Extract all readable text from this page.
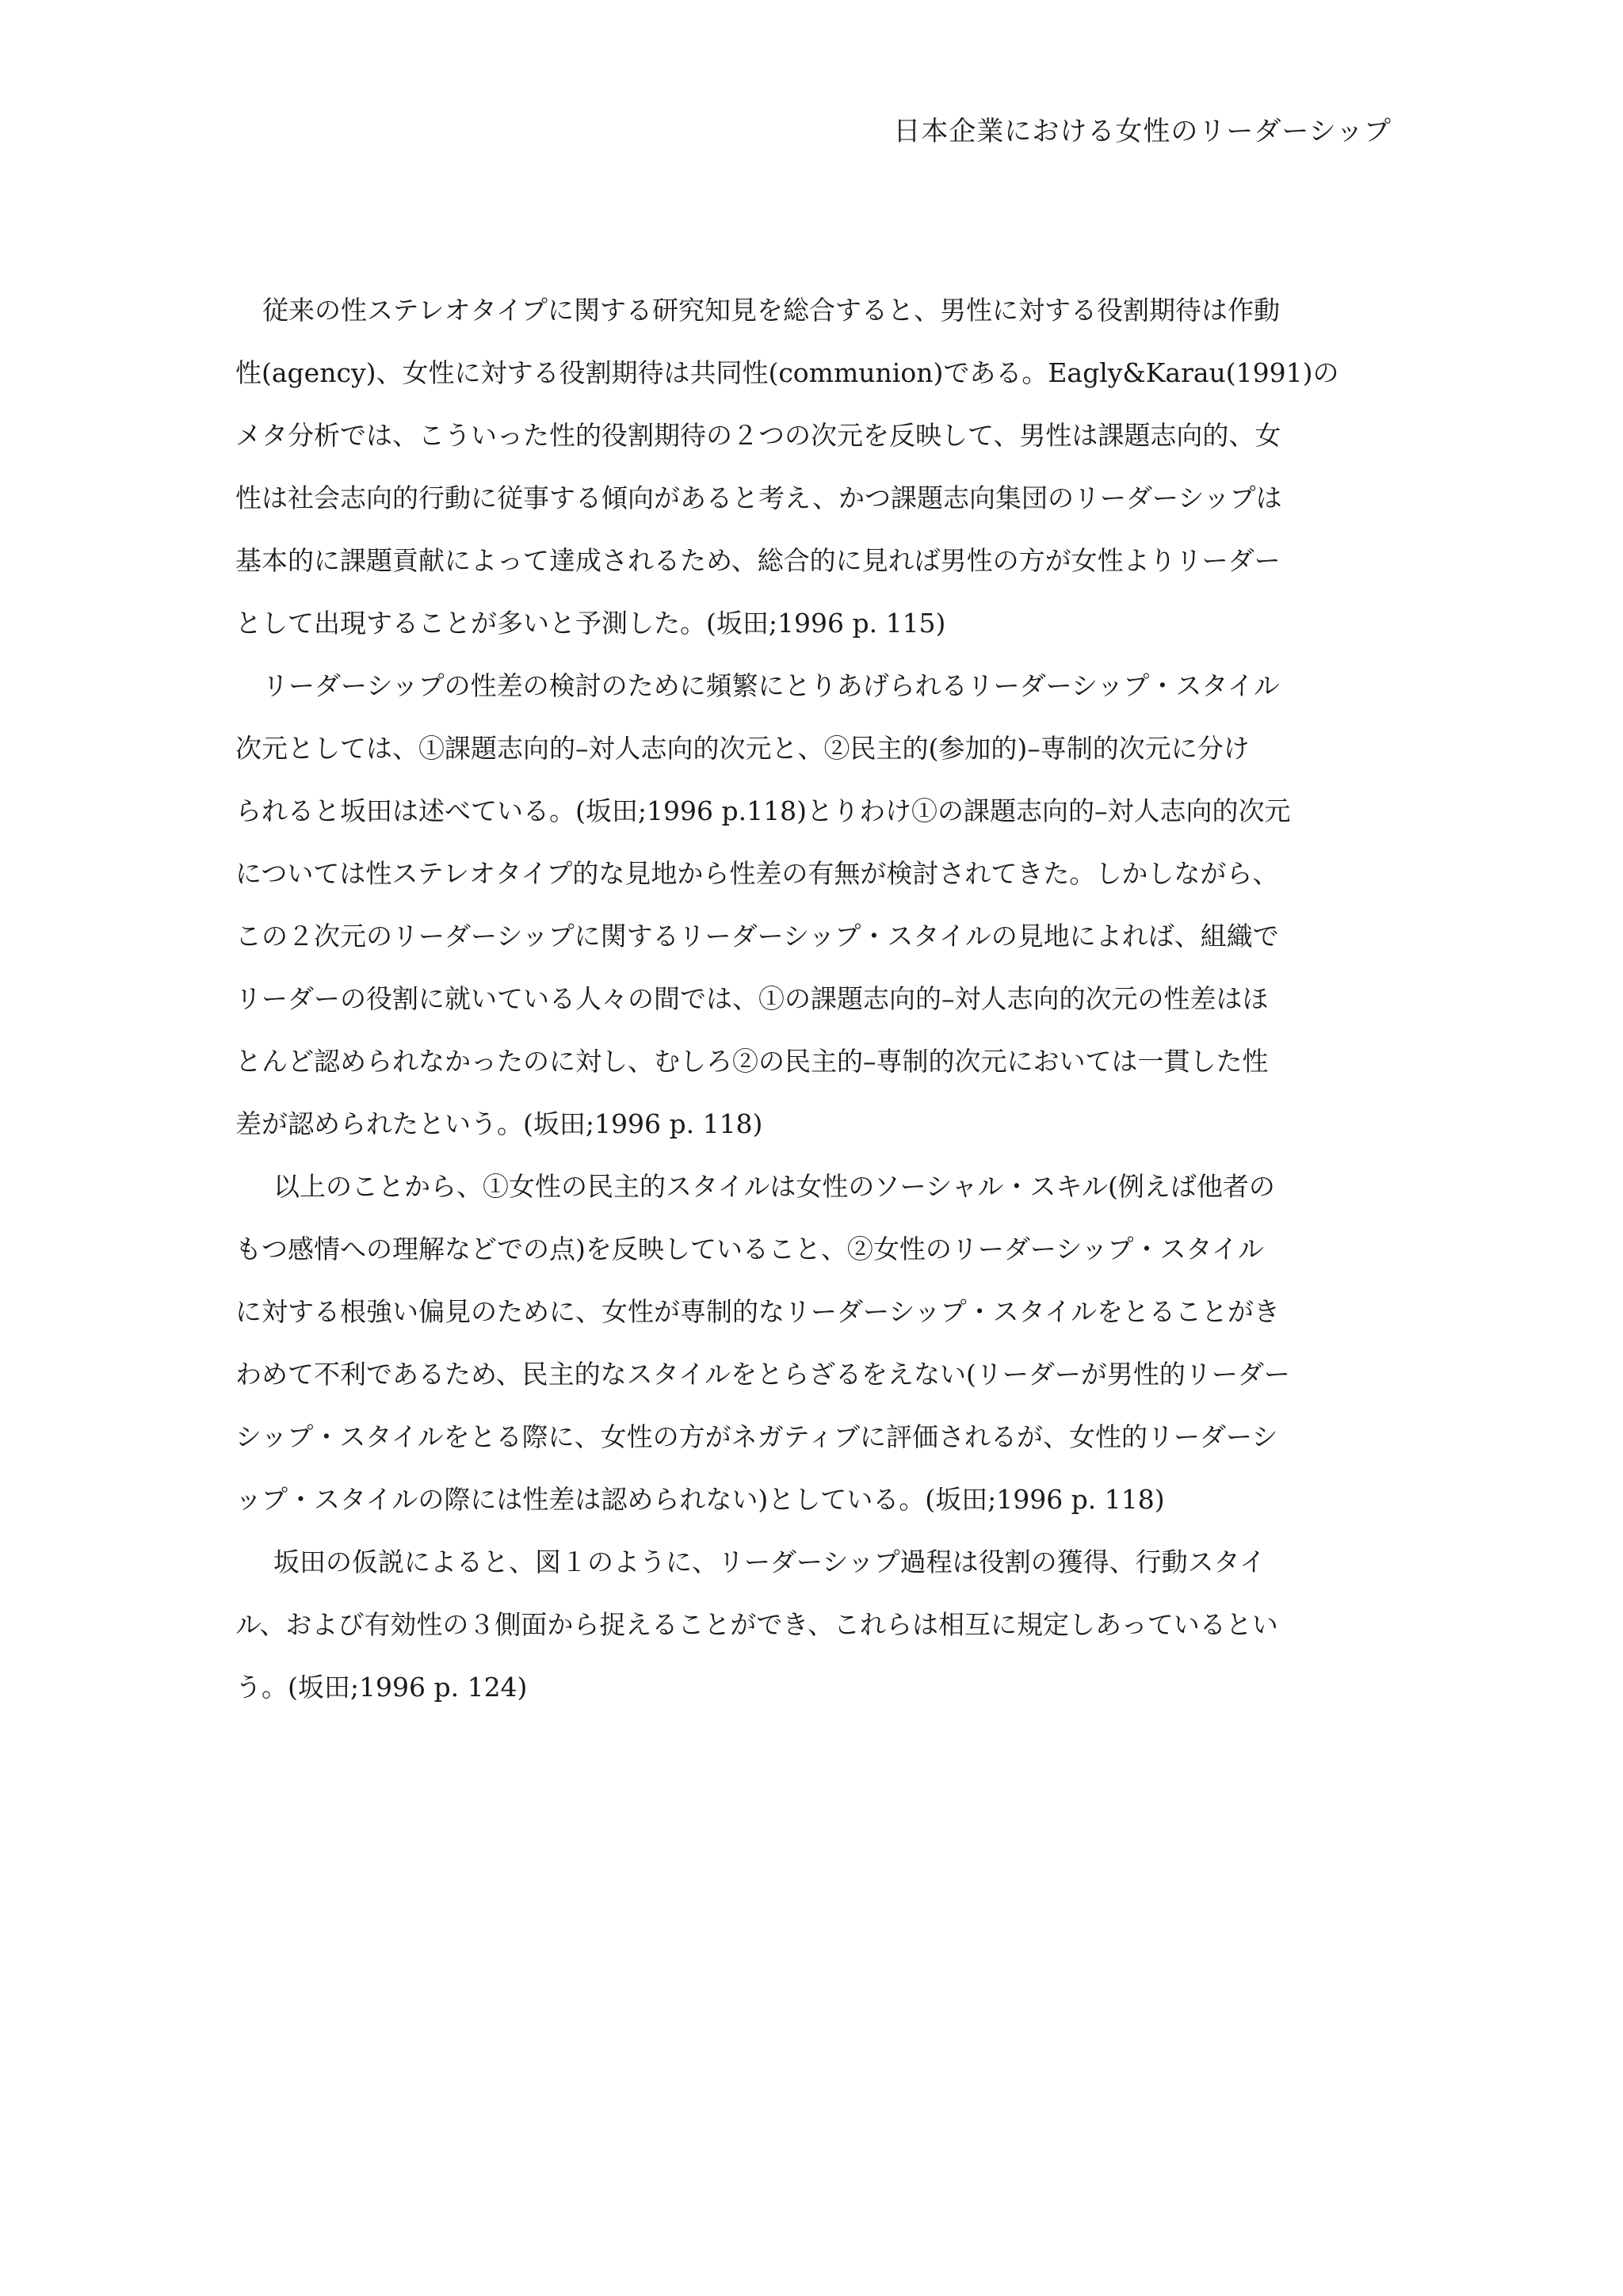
日本企業における女性のリーダーシップ
従来の性ステレオタイプに関する研究知見を総合すると、男性に対する役割期待は作動
性(agency)、女性に対する役割期待は共同性(communion)である。Eagly&Karau(1991)の
メタ分析では、こういった性的役割期待の２つの次元を反映して、男性は課題志向的、女
性は社会志向的行動に従事する傾向があると考え、かつ課題志向集団のリーダーシップは
基本的に課題貢献によって達成されるため、総合的に見れば男性の方が女性よりリーダー
として出現することが多いと予測した。(坂田;1996 p. 115)
リーダーシップの性差の検討のために頻繁にとりあげられるリーダーシップ・スタイル
次元としては、①課題志向的–対人志向的次元と、②民主的(参加的)–専制的次元に分け
られると坂田は述べている。(坂田;1996 p.118)とりわけ①の課題志向的–対人志向的次元
については性ステレオタイプ的な見地から性差の有無が検討されてきた。しかしながら、
この２次元のリーダーシップに関するリーダーシップ・スタイルの見地によれば、組織で
リーダーの役割に就いている人々の間では、①の課題志向的–対人志向的次元の性差はほ
とんど認められなかったのに対し、むしろ②の民主的–専制的次元においては一貫した性
差が認められたという。(坂田;1996 p. 118)
以上のことから、①女性の民主的スタイルは女性のソーシャル・スキル(例えば他者の
もつ感情への理解などでの点)を反映していること、②女性のリーダーシップ・スタイル
に対する根強い偏見のために、女性が専制的なリーダーシップ・スタイルをとることがき
わめて不利であるため、民主的なスタイルをとらざるをえない(リーダーが男性的リーダー
シップ・スタイルをとる際に、女性の方がネガティブに評価されるが、女性的リーダーシ
ップ・スタイルの際には性差は認められない)としている。(坂田;1996 p. 118)
坂田の仮説によると、図１のように、リーダーシップ過程は役割の獲得、行動スタイ
ル、および有効性の３側面から捉えることができ、これらは相互に規定しあっているとい
う。(坂田;1996 p. 124)
